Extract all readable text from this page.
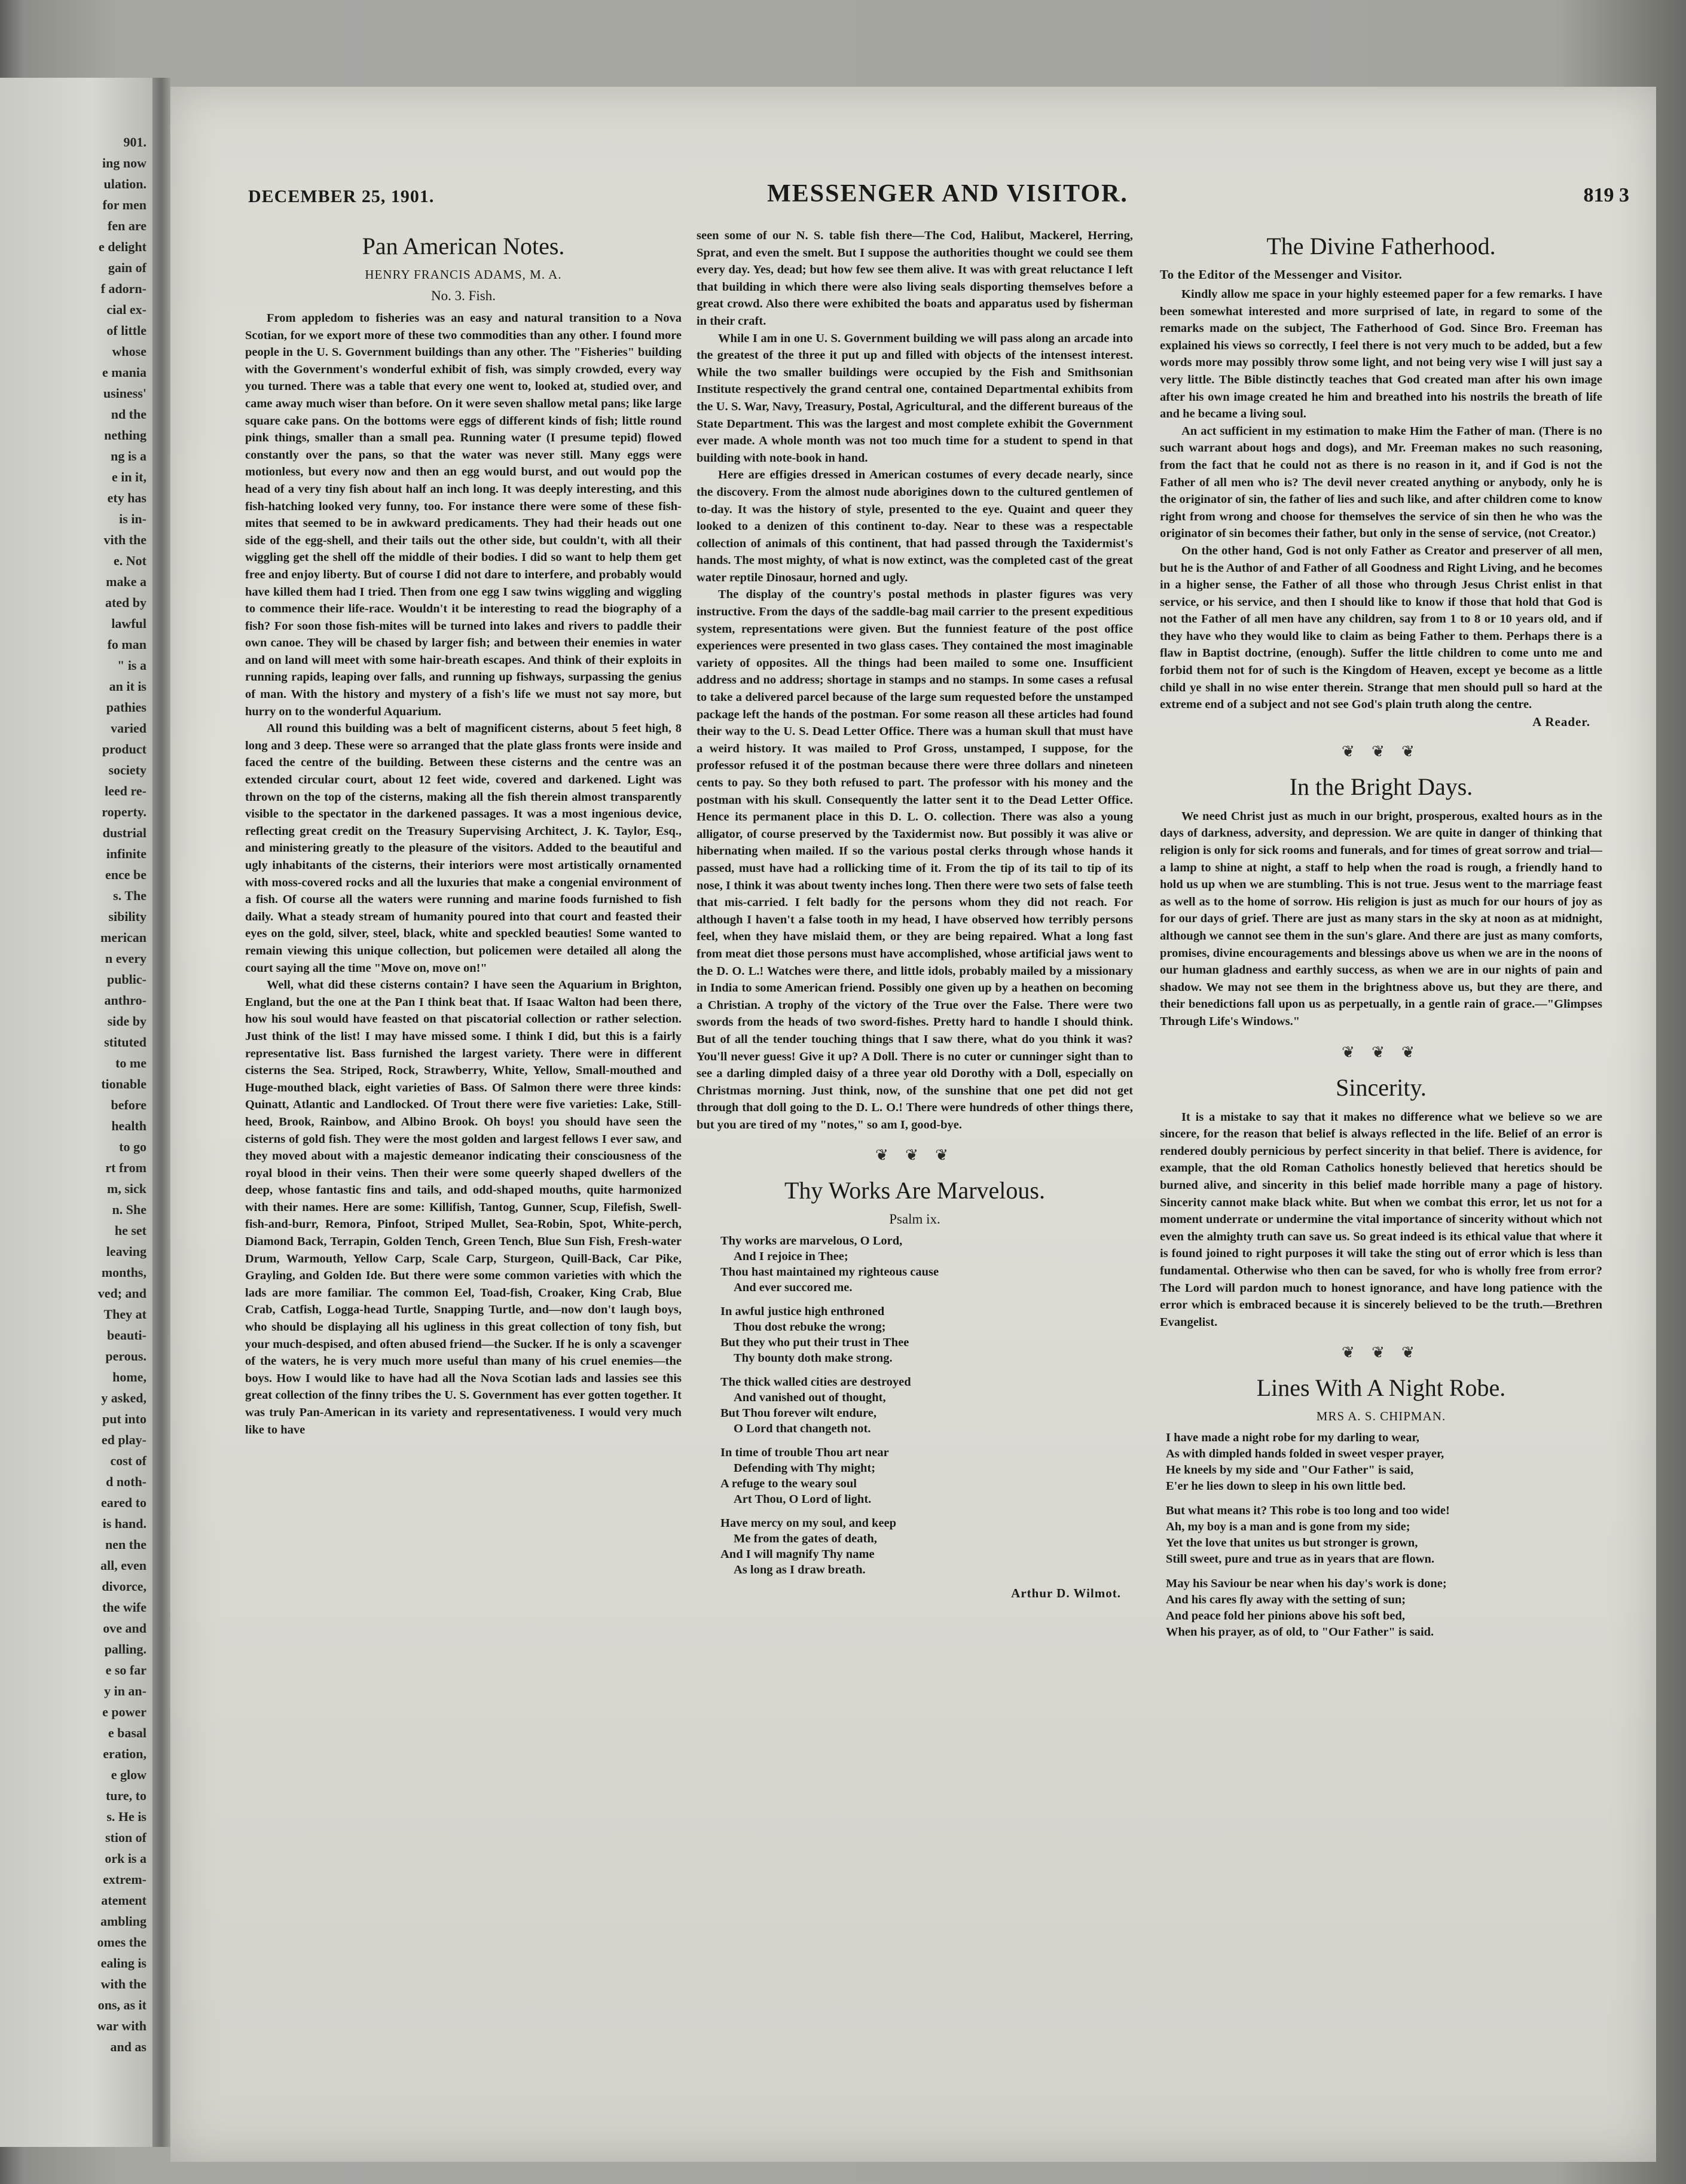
901.
ing now
ulation.
for men
fen are
e delight
gain of
f adorn-
cial ex-
of little
whose
e mania
usiness'
nd the
nething
ng is a
e in it,
ety has
is in-
vith the
e. Not
make a
ated by
lawful
fo man
" is a
an it is
pathies
varied
product
society
leed re-
roperty.
dustrial
infinite
ence be
s. The
sibility
merican
n every
public-
anthro-
side by
stituted
to me
tionable
before
health
to go
rt from
m, sick
n. She
he set
leaving
months,
ved; and
They at
beauti-
perous.
home,
y asked,
put into
ed play-
cost of
d noth-
eared to
is hand.
nen the
all, even
divorce,
the wife
ove and
palling.
e so far
y in an-
e power
e basal
eration,
e glow
ture, to
s. He is
stion of
ork is a
extrem-
atement
ambling
omes the
ealing is
with the
ons, as it
war with
and as
DECEMBER 25, 1901.	MESSENGER AND VISITOR.	819 3
Pan American Notes.
HENRY FRANCIS ADAMS, M. A.
No. 3. Fish.

From appledom to fisheries was an easy and natural transition to a Nova Scotian, for we export more of these two commodities than any other. I found more people in the U. S. Government buildings than any other. The "Fisheries" building with the Government's wonderful exhibit of fish, was simply crowded, every way you turned. There was a table that every one went to, looked at, studied over, and came away much wiser than before. On it were seven shallow metal pans; like large square cake pans. On the bottoms were eggs of different kinds of fish; little round pink things, smaller than a small pea. Running water (I presume tepid) flowed constantly over the pans, so that the water was never still. Many eggs were motionless, but every now and then an egg would burst, and out would pop the head of a very tiny fish about half an inch long. It was deeply interesting, and this fish-hatching looked very funny, too. For instance there were some of these fish-mites that seemed to be in awkward predicaments. They had their heads out one side of the egg-shell, and their tails out the other side, but couldn't, with all their wiggling get the shell off the middle of their bodies. I did so want to help them get free and enjoy liberty. But of course I did not dare to interfere, and probably would have killed them had I tried. Then from one egg I saw twins wiggling and wiggling to commence their life-race. Wouldn't it be interesting to read the biography of a fish? For soon those fish-mites will be turned into lakes and rivers to paddle their own canoe. They will be chased by larger fish; and between their enemies in water and on land will meet with some hair-breath escapes. And think of their exploits in running rapids, leaping over falls, and running up fishways, surpassing the genius of man. With the history and mystery of a fish's life we must not say more, but hurry on to the wonderful Aquarium.

All round this building was a belt of magnificent cisterns, about 5 feet high, 8 long and 3 deep. These were so arranged that the plate glass fronts were inside and faced the centre of the building. Between these cisterns and the centre was an extended circular court, about 12 feet wide, covered and darkened. Light was thrown on the top of the cisterns, making all the fish therein almost transparently visible to the spectator in the darkened passages. It was a most ingenious device, reflecting great credit on the Treasury Supervising Architect, J. K. Taylor, Esq., and ministering greatly to the pleasure of the visitors. Added to the beautiful and ugly inhabitants of the cisterns, their interiors were most artistically ornamented with moss-covered rocks and all the luxuries that make a congenial environment of a fish. Of course all the waters were running and marine foods furnished to fish daily. What a steady stream of humanity poured into that court and feasted their eyes on the gold, silver, steel, black, white and speckled beauties! Some wanted to remain viewing this unique collection, but policemen were detailed all along the court saying all the time "Move on, move on!"

Well, what did these cisterns contain? I have seen the Aquarium in Brighton, England, but the one at the Pan I think beat that. If Isaac Walton had been there, how his soul would have feasted on that piscatorial collection or rather selection. Just think of the list! I may have missed some. I think I did, but this is a fairly representative list. Bass furnished the largest variety. There were in different cisterns the Sea. Striped, Rock, Strawberry, White, Yellow, Small-mouthed and Huge-mouthed black, eight varieties of Bass. Of Salmon there were three kinds: Quinatt, Atlantic and Landlocked. Of Trout there were five varieties: Lake, Still-heed, Brook, Rainbow, and Albino Brook. Oh boys! you should have seen the cisterns of gold fish. They were the most golden and largest fellows I ever saw, and they moved about with a majestic demeanor indicating their consciousness of the royal blood in their veins. Then their were some queerly shaped dwellers of the deep, whose fantastic fins and tails, and odd-shaped mouths, quite harmonized with their names. Here are some: Killifish, Tantog, Gunner, Scup, Filefish, Swell-fish-and-burr, Remora, Pinfoot, Striped Mullet, Sea-Robin, Spot, White-perch, Diamond Back, Terrapin, Golden Tench, Green Tench, Blue Sun Fish, Fresh-water Drum, Warmouth, Yellow Carp, Scale Carp, Sturgeon, Quill-Back, Car Pike, Grayling, and Golden Ide. But there were some common varieties with which the lads are more familiar. The common Eel, Toad-fish, Croaker, King Crab, Blue Crab, Catfish, Logga-head Turtle, Snapping Turtle, and—now don't laugh boys, who should be displaying all his ugliness in this great collection of tony fish, but your much-despised, and often abused friend—the Sucker. If he is only a scavenger of the waters, he is very much more useful than many of his cruel enemies—the boys. How I would like to have had all the Nova Scotian lads and lassies see this great collection of the finny tribes the U. S. Government has ever gotten together. It was truly Pan-American in its variety and representativeness. I would very much like to have

seen some of our N. S. table fish there—The Cod, Halibut, Mackerel, Herring, Sprat, and even the smelt. But I suppose the authorities thought we could see them every day. Yes, dead; but how few see them alive. It was with great reluctance I left that building in which there were also living seals disporting themselves before a great crowd. Also there were exhibited the boats and apparatus used by fisherman in their craft.

While I am in one U. S. Government building we will pass along an arcade into the greatest of the three it put up and filled with objects of the intensest interest. While the two smaller buildings were occupied by the Fish and Smithsonian Institute respectively the grand central one, contained Departmental exhibits from the U. S. War, Navy, Treasury, Postal, Agricultural, and the different bureaus of the State Department. This was the largest and most complete exhibit the Government ever made. A whole month was not too much time for a student to spend in that building with note-book in hand.

Here are effigies dressed in American costumes of every decade nearly, since the discovery. From the almost nude aborigines down to the cultured gentlemen of to-day. It was the history of style, presented to the eye. Quaint and queer they looked to a denizen of this continent to-day. Near to these was a respectable collection of animals of this continent, that had passed through the Taxidermist's hands. The most mighty, of what is now extinct, was the completed cast of the great water reptile Dinosaur, horned and ugly.

The display of the country's postal methods in plaster figures was very instructive. From the days of the saddle-bag mail carrier to the present expeditious system, representations were given. But the funniest feature of the post office experiences were presented in two glass cases. They contained the most imaginable variety of opposites. All the things had been mailed to some one. Insufficient address and no address; shortage in stamps and no stamps. In some cases a refusal to take a delivered parcel because of the large sum requested before the unstamped package left the hands of the postman. For some reason all these articles had found their way to the U. S. Dead Letter Office. There was a human skull that must have a weird history. It was mailed to Prof Gross, unstamped, I suppose, for the professor refused it of the postman because there were three dollars and nineteen cents to pay. So they both refused to part. The professor with his money and the postman with his skull. Consequently the latter sent it to the Dead Letter Office. Hence its permanent place in this D. L. O. collection. There was also a young alligator, of course preserved by the Taxidermist now. But possibly it was alive or hibernating when mailed. If so the various postal clerks through whose hands it passed, must have had a rollicking time of it. From the tip of its tail to tip of its nose, I think it was about twenty inches long. Then there were two sets of false teeth that mis-carried. I felt badly for the persons whom they did not reach. For although I haven't a false tooth in my head, I have observed how terribly persons feel, when they have mislaid them, or they are being repaired. What a long fast from meat diet those persons must have accomplished, whose artificial jaws went to the D. O. L.! Watches were there, and little idols, probably mailed by a missionary in India to some American friend. Possibly one given up by a heathen on becoming a Christian. A trophy of the victory of the True over the False. There were two swords from the heads of two sword-fishes. Pretty hard to handle I should think. But of all the tender touching things that I saw there, what do you think it was? You'll never guess! Give it up? A Doll. There is no cuter or cunninger sight than to see a darling dimpled daisy of a three year old Dorothy with a Doll, especially on Christmas morning. Just think, now, of the sunshine that one pet did not get through that doll going to the D. L. O.! There were hundreds of other things there, but you are tired of my "notes," so am I, good-bye.

❦ ❦ ❦
Thy Works Are Marvelous.
Psalm ix.
Thy works are marvelous, O Lord,
And I rejoice in Thee;
Thou hast maintained my righteous cause
And ever succored me.
In awful justice high enthroned
Thou dost rebuke the wrong;
But they who put their trust in Thee
Thy bounty doth make strong.
The thick walled cities are destroyed
And vanished out of thought,
But Thou forever wilt endure,
O Lord that changeth not.
In time of trouble Thou art near
Defending with Thy might;
A refuge to the weary soul
Art Thou, O Lord of light.
Have mercy on my soul, and keep
Me from the gates of death,
And I will magnify Thy name
As long as I draw breath.
Arthur D. Wilmot.
The Divine Fatherhood.
To the Editor of the Messenger and Visitor.

Kindly allow me space in your highly esteemed paper for a few remarks. I have been somewhat interested and more surprised of late, in regard to some of the remarks made on the subject, The Fatherhood of God. Since Bro. Freeman has explained his views so correctly, I feel there is not very much to be added, but a few words more may possibly throw some light, and not being very wise I will just say a very little. The Bible distinctly teaches that God created man after his own image after his own image created he him and breathed into his nostrils the breath of life and he became a living soul.

An act sufficient in my estimation to make Him the Father of man. (There is no such warrant about hogs and dogs), and Mr. Freeman makes no such reasoning, from the fact that he could not as there is no reason in it, and if God is not the Father of all men who is? The devil never created anything or anybody, only he is the originator of sin, the father of lies and such like, and after children come to know right from wrong and choose for themselves the service of sin then he who was the originator of sin becomes their father, but only in the sense of service, (not Creator.)

On the other hand, God is not only Father as Creator and preserver of all men, but he is the Author of and Father of all Goodness and Right Living, and he becomes in a higher sense, the Father of all those who through Jesus Christ enlist in that service, or his service, and then I should like to know if those that hold that God is not the Father of all men have any children, say from 1 to 8 or 10 years old, and if they have who they would like to claim as being Father to them. Perhaps there is a flaw in Baptist doctrine, (enough). Suffer the little children to come unto me and forbid them not for of such is the Kingdom of Heaven, except ye become as a little child ye shall in no wise enter therein. Strange that men should pull so hard at the extreme end of a subject and not see God's plain truth along the centre.

A Reader.
❦ ❦ ❦
In the Bright Days.

We need Christ just as much in our bright, prosperous, exalted hours as in the days of darkness, adversity, and depression. We are quite in danger of thinking that religion is only for sick rooms and funerals, and for times of great sorrow and trial—a lamp to shine at night, a staff to help when the road is rough, a friendly hand to hold us up when we are stumbling. This is not true. Jesus went to the marriage feast as well as to the home of sorrow. His religion is just as much for our hours of joy as for our days of grief. There are just as many stars in the sky at noon as at midnight, although we cannot see them in the sun's glare. And there are just as many comforts, promises, divine encouragements and blessings above us when we are in the noons of our human gladness and earthly success, as when we are in our nights of pain and shadow. We may not see them in the brightness above us, but they are there, and their benedictions fall upon us as perpetually, in a gentle rain of grace.—"Glimpses Through Life's Windows."

❦ ❦ ❦
Sincerity.

It is a mistake to say that it makes no difference what we believe so we are sincere, for the reason that belief is always reflected in the life. Belief of an error is rendered doubly pernicious by perfect sincerity in that belief. There is avidence, for example, that the old Roman Catholics honestly believed that heretics should be burned alive, and sincerity in this belief made horrible many a page of history. Sincerity cannot make black white. But when we combat this error, let us not for a moment underrate or undermine the vital importance of sincerity without which not even the almighty truth can save us. So great indeed is its ethical value that where it is found joined to right purposes it will take the sting out of error which is less than fundamental. Otherwise who then can be saved, for who is wholly free from error? The Lord will pardon much to honest ignorance, and have long patience with the error which is embraced because it is sincerely believed to be the truth.—Brethren Evangelist.

❦ ❦ ❦
Lines With A Night Robe.
MRS A. S. CHIPMAN.
I have made a night robe for my darling to wear,
As with dimpled hands folded in sweet vesper prayer,
He kneels by my side and "Our Father" is said,
E'er he lies down to sleep in his own little bed.
But what means it? This robe is too long and too wide!
Ah, my boy is a man and is gone from my side;
Yet the love that unites us but stronger is grown,
Still sweet, pure and true as in years that are flown.
May his Saviour be near when his day's work is done;
And his cares fly away with the setting of sun;
And peace fold her pinions above his soft bed,
When his prayer, as of old, to "Our Father" is said.
